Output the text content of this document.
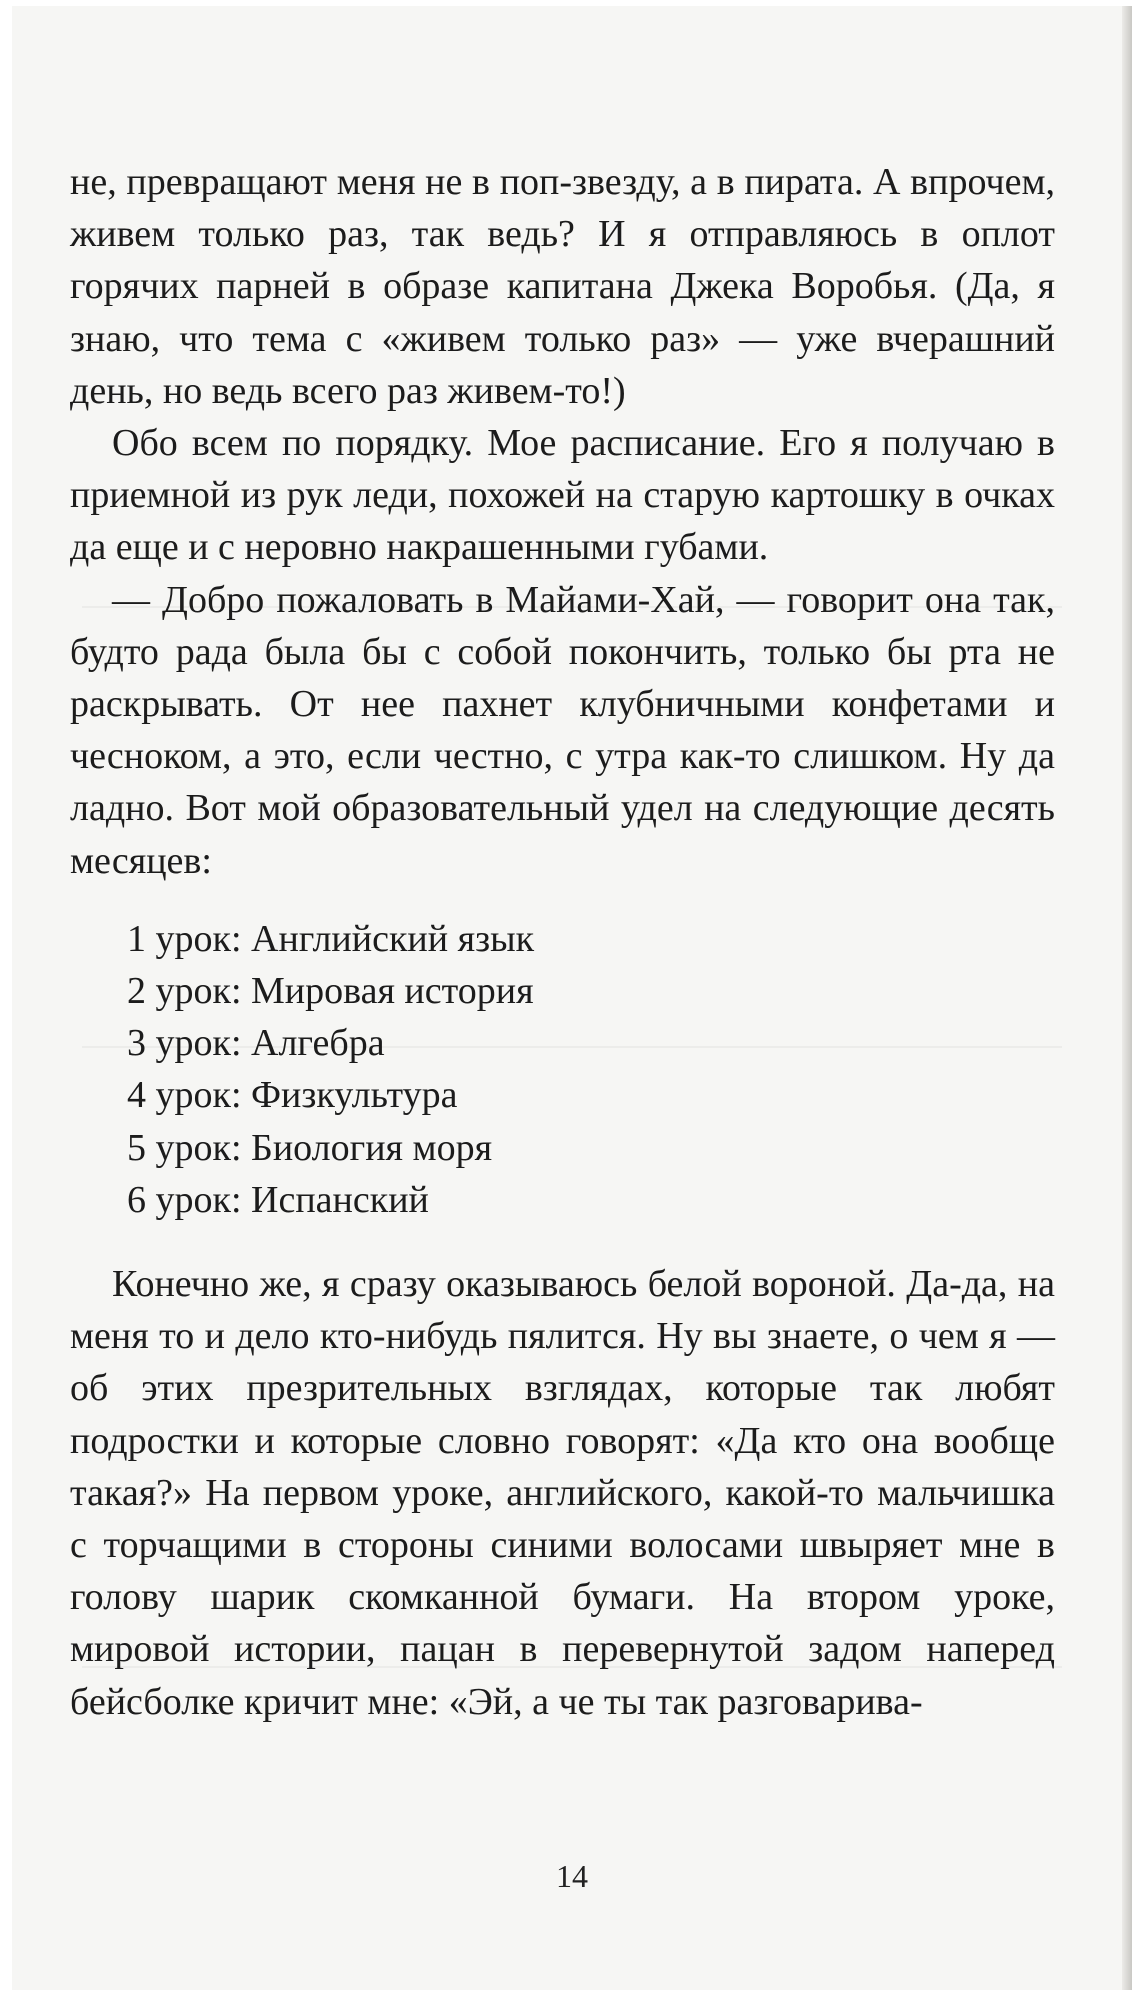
не, превращают меня не в поп-звезду, а в пирата. А впрочем, живем только раз, так ведь? И я отправляюсь в оплот горячих парней в образе капитана Джека Воробья. (Да, я знаю, что тема с «живем только раз» — уже вчерашний день, но ведь всего раз живем-то!)

Обо всем по порядку. Мое расписание. Его я получаю в приемной из рук леди, похожей на старую картошку в очках да еще и с неровно накрашенными губами.

— Добро пожаловать в Майами-Хай, — говорит она так, будто рада была бы с собой покончить, только бы рта не раскрывать. От нее пахнет клубничными конфетами и чесноком, а это, если честно, с утра как-то слишком. Ну да ладно. Вот мой образовательный удел на следующие десять месяцев:

1 урок: Английский язык
2 урок: Мировая история
3 урок: Алгебра
4 урок: Физкультура
5 урок: Биология моря
6 урок: Испанский

Конечно же, я сразу оказываюсь белой вороной. Да-да, на меня то и дело кто-нибудь пялится. Ну вы знаете, о чем я — об этих презрительных взглядах, которые так любят подростки и которые словно говорят: «Да кто она вообще такая?» На первом уроке, английского, какой-то мальчишка с торчащими в стороны синими волосами швыряет мне в голову шарик скомканной бумаги. На втором уроке, мировой истории, пацан в перевернутой задом наперед бейсболке кричит мне: «Эй, а че ты так разговарива-

14
